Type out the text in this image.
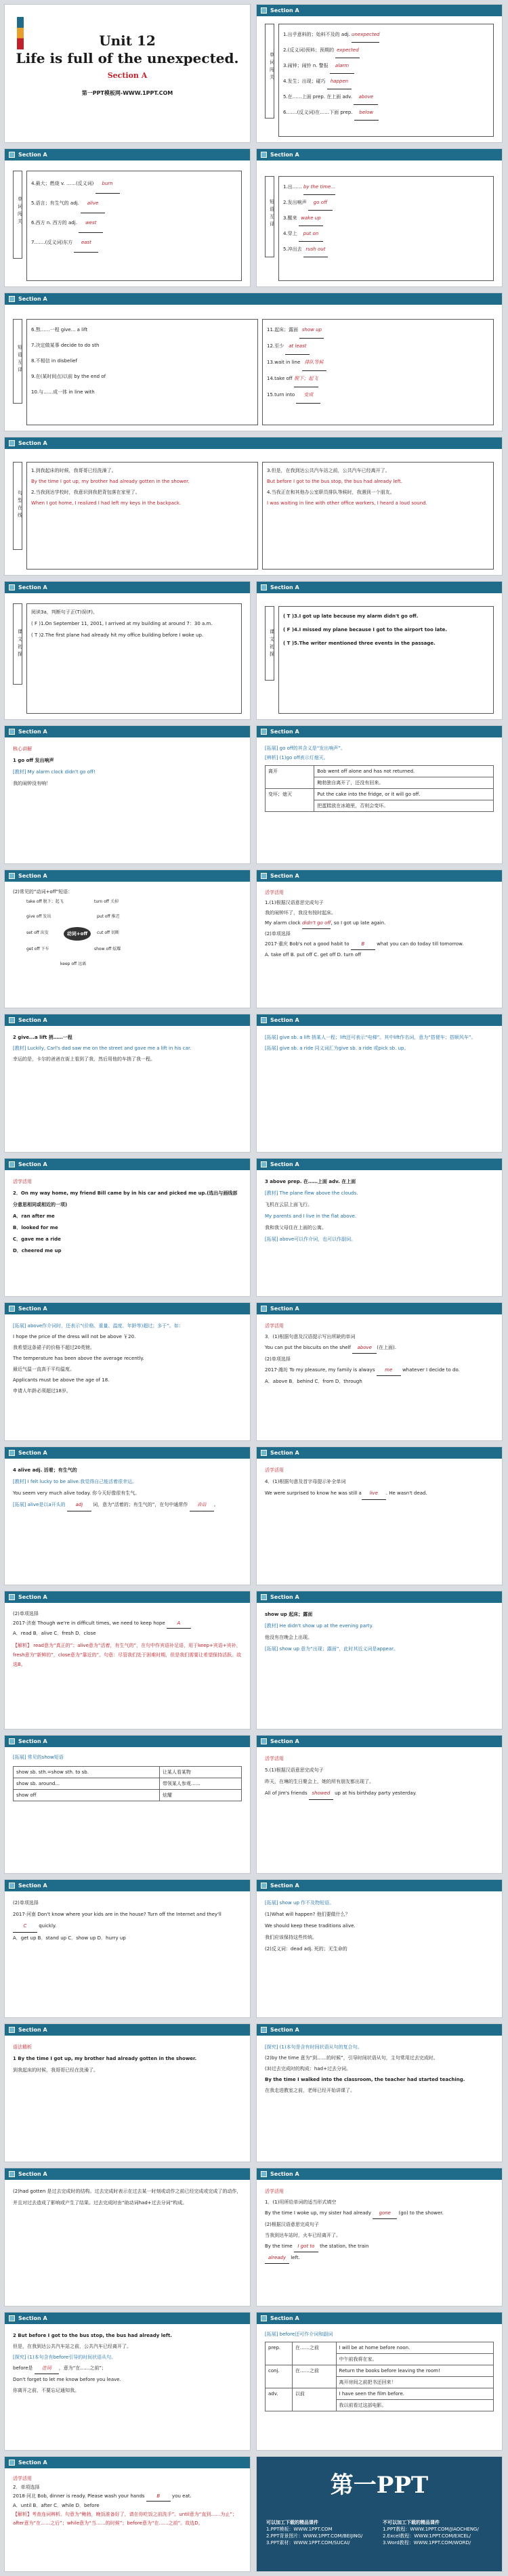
Unit 12
Life is full of the unexpected.
Section A
第一PPT模板网-WWW.1PPT.COM
Section A
单词闯关
1.出乎意料的；始料不及的 adj. unexpected
2.(反义词)预料；预期的 expected
3.闹钟；闹铃 n. 警报 alarm
4.发生；出现；碰巧 happen
5.在……上面 prep. 在上面 adv. above
6.……(反义词)在……下面 prep. below
Section A
单词闯关
4.最大；燃烧 v. ……(反义词) burn
5.语言；有生气的 adj. alive
6.西方 n. 西方的 adj. west
7.……(反义词)东方 east
Section A
短语互译
1.出…… by the time...
2.发出响声 go off
3.醒来 wake up
4.穿上 put on
5.冲出去 rush out
Section A
短语互译
6.熬……一程 give... a lift
7.决定做某事 decide to do sth
8.不相信 in disbelief
9.在(某时间点)以前 by the end of
10.与……成一体 in line with
11.起床；露面 show up
12.至少 at least
13.wait in line 排队等候
14.take off 脱下；起飞
15.turn into 变成
Section A
句型在线
1.到我起床的时候，我哥哥已经洗澡了。
By the time I got up, my brother had already gotten in the shower.
2.当我到达学校时，我意识到我把背包落在家里了。
When I got home, I realized I had left my keys in the backpack.
3.但是，在我到达公共汽车站之前，公共汽车已经离开了。
But before I got to the bus stop, the bus had already left.
4.当我正在和其他办公室职员排队等候时，我遇到一个朋友。
I was waiting in line with other office workers, I heard a loud sound.
Section A
课文初探
阅读3a，判断句子正(T)误(F)。
( F )1.On September 11, 2001, I arrived at my building at around 7：30 a.m.
( T )2.The first plane had already hit my office building before I woke up.
Section A
课文初探
( T )3.I got up late because my alarm didn't go off.
( F )4.I missed my plane because I got to the airport too late.
( T )5.The writer mentioned three events in the passage.
Section A
核心讲解
1 go off 发出响声
[教材] My alarm clock didn't go off!
我的闹钟没有响！
Section A
[拓展] go off的其含义是“发出响声”。
[辨析] (1)go off表示灯熄灭。
离开	Bob went off alone and has not returned.
	鲍勃独自离开了，还没有回来。
变坏；熄灭	Put the cake into the fridge, or it will go off.
	把蛋糕放在冰箱里，否则会变坏。
Section A
(2)常见的“动词+off”短语：
动词+off
take off 脱下；起飞	turn off 关掉
give off 发出	put off 推迟
set off 出发	cut off 切断
get off 下车	show off 炫耀
keep off 远离
Section A
活学活用
1.(1)根据汉语意思完成句子
我的闹钟坏了，我没有按时起床。
My alarm clock didn't go off, so I got up late again.
(2)单项选择
2017·重庆 Bob's not a good habit to	B	what you can do today till tomorrow.
A. take off B. put off C. get off D. turn off
Section A
2 give...a lift 捎……一程
[教材] Luckily, Carl's dad saw me on the street and gave me a lift in his car.
幸运的是，卡尔的爸爸在街上看到了我，然后用他的车捎了我一程。
Section A
[拓展] give sb. a lift 捎某人一程；lift还可表示“电梯”。其中lift作名词，意为“搭便车；搭顺风车”。
[拓展] give sb. a ride 同义词汇为give sb. a ride 或pick sb. up。
Section A
活学活用
2．On my way home, my friend Bill came by in his car and picked me up.(选出与画线部分意思相同或相近的一项)
A．ran after me
B．looked for me
C．gave me a ride
D．cheered me up
Section A
3 above prep. 在……上面 adv. 在上面
[教材] The plane flew above the clouds.
飞机在云层上面飞行。
My parents and I live in the flat above.
我和我父母住在上面的公寓。
[拓展] above可以作介词，也可以作副词。
Section A
[拓展] above作介词时，还表示“(价格、重量、温度、年龄等)超过；多于”。如：
I hope the price of the dress will not be above ￥20.
我希望这条裙子的价格不超过20英镑。
The temperature has been above the average recently.
最近气温一直高于平均温度。
Applicants must be above the age of 18.
申请人年龄必须超过18岁。
Section A
活学活用
3．(1)根据句意及汉语提示写出所缺的单词
You can put the biscuits on the shelf above (在上面).
(2)单项选择
2017·潍坊 To my pleasure, my family is always me whatever I decide to do.
A．above B．behind C．from D．through
Section A
4 alive adj. 活着；有生气的
[教材] I felt lucky to be alive.我觉得自己能活着很幸运。
You seem very much alive today. 你今天好像很有生气。
[拓展] alive是以a开头的 adj 词，意为“活着的；有生气的”，在句中通常作 表语 。
Section A
活学活用
4．(1)根据句意及首字母提示补全单词
We were surprised to know he was still a live . He wasn't dead.
Section A
(2)单项选择
2017·济南 Though we're in difficult times, we need to keep hope	A
A．read B．alive C．fresh D．close
【解析】 read意为“真正的”；alive意为“活着，有生气的”，在句中作宾语补足语，用于keep+宾语+宾补，fresh意为“新鲜的”，close意为“靠近的”。句意：尽管我们处于困难时期，但是我们需要让希望保持活跃。故选B。
Section A
show up 起床；露面
[教材] He didn't show up at the evening party.
他没有在晚会上出现。
[拓展] show up 意为“出现；露面”，此时其近义词是appear。
Section A
[拓展] 常见的show短语
show sb. sth.=show sth. to sb.	让某人看某物
show sb. around...	带领某人参观……
show off	炫耀
Section A
活学活用
5.(1)根据汉语意思完成句子
昨天，在琳的生日聚会上，她的所有朋友都出现了。
All of Jim's friends showed up at his birthday party yesterday.
Section A
(2)单项选择
2017·河南 Don't know where your kids are in the house? Turn off the Internet and they'll C	quickly.
A．get up B．stand up C．show up D．hurry up
Section A
[拓展] show up 作不及物短语。
(1)What will happen? 他们要做什么？
We should keep these traditions alive.
我们应该保持这些传统。
(2)反义词：dead adj. 死的；无生命的
Section A
语法精析
1 By the time I got up, my brother had already gotten in the shower.
到我起床的时候，我哥哥已经在洗澡了。
Section A
[探究] (1)本句是含有时间状语从句的复合句。
(2)by the time 意为“到……的时候”，引导时间状语从句，主句常用过去完成时。
(3)过去完成时的构成：had+过去分词。
By the time I walked into the classroom, the teacher had started teaching.
在我走进教室之前，老师已经开始讲课了。
Section A
(2)had gotten 是过去完成时的结构。过去完成时表示在过去某一时刻或动作之前已经完成或完成了的动作，并且对过去造成了影响或产生了结果。过去完成时由“助动词had+过去分词”构成。
Section A
活学活用
1．(1)用所给单词的适当形式填空
By the time I woke up, my sister had already gone (go) to the shower.
(2)根据汉语意思完成句子
当我到达车站时，火车已经离开了。
By the time I got to the station, the train
already left.
Section A
2 But before I got to the bus stop, the bus had already left.
但是，在我到达公共汽车站之前，公共汽车已经离开了。
[探究] (1)本句含有before引导的时间状语从句。
before是 连词 ，意为“在……之前”；
Don't forget to let me know before you leave.
你离开之前，不要忘记通知我。
Section A
[拓展] before还可作介词和副词
prep.	在……之前	I will be at home before noon.
		中午前我将在家。
conj.	在……之前	Return the books before leaving the room!
		离开房间之前把书还回来！
adv.	以前	I have seen the film before.
		我以前看过这部电影。
Section A
活学活用
2．单项选择
2018·河北 Bob, dinner is ready. Please wash your hands	B	you eat.
A．until B．after C．while D．before
【解析】考查连词辨析。句意为“鲍勃，晚饭准备好了，请在你吃饭之前洗手”。until意为“直到……为止”；after意为“在……之后”；while意为“当……的时候”；before意为“在……之前”。故选D。
第一PPT
可以加工下载的精品课件
1.PPT模板：WWW.1PPT.COM
2.PPT背景图片：WWW.1PPT.COM/BEIJING/
3.PPT素材：WWW.1PPT.COM/SUCAI/
不可以加工下载的精品课件
1.PPT教程：WWW.1PPT.COM/JIAOCHENG/
2.Excel教程：WWW.1PPT.COM/EXCEL/
3.Word教程：WWW.1PPT.COM/WORD/
